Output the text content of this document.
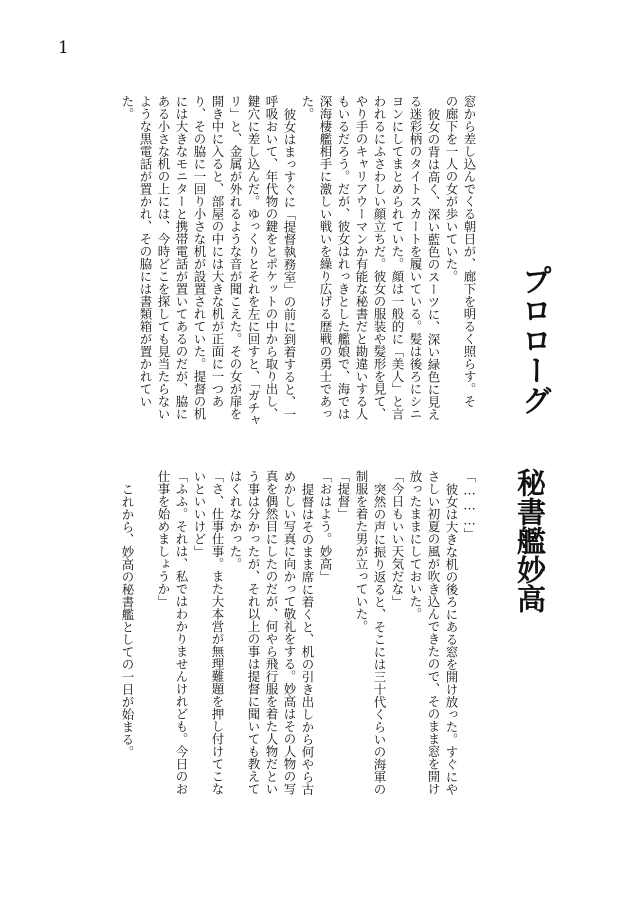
1
プロローグ
秘書艦妙高

窓から差し込んでくる朝日が、廊下を明るく照らす。そ

の廊下を一人の女が歩いていた。

彼女の背は高く、深い藍色のスーツに、深い緑色に見え

る迷彩柄のタイトスカートを履いている。髪は後ろにシニ

ヨンにしてまとめられていた。顔は一般的に「美人」と言

われるにふさわしい顔立ちだ。彼女の服装や髪形を見て、

やり手のキャリアウーマンか有能な秘書だと勘違いする人

もいるだろう。だが、彼女はれっきとした艦娘で、海では

深海棲艦相手に激しい戦いを繰り広げる歴戦の勇士であっ

た。

彼女はまっすぐに「提督執務室」の前に到着すると、一

呼吸おいて、年代物の鍵をとポケットの中から取り出し、

鍵穴に差し込んだ。ゆっくりとそれを左に回すと、「ガチャ

リ」と、金属が外れるような音が聞こえた。その女が扉を

開き中に入ると、部屋の中には大きな机が正面に一つあ

り、その脇に一回り小さな机が設置されていた。提督の机

には大きなモニターと携帯電話が置いてあるのだが、脇に

ある小さな机の上には、今時どこを探しても見当たらない

ような黒電話が置かれ、その脇には書類箱が置かれてい

た。

「………」

彼女は大きな机の後ろにある窓を開け放った。すぐにや

さしい初夏の風が吹き込んできたので、そのまま窓を開け

放ったままにしておいた。

「今日もいい天気だな」

突然の声に振り返ると、そこには三十代くらいの海軍の

制服を着た男が立っていた。

「提督」

「おはよう。妙高」

提督はそのまま席に着くと、机の引き出しから何やら古

めかしい写真に向かって敬礼をする。妙高はその人物の写

真を偶然目にしたのだが、何やら飛行服を着た人物だとい

う事は分かったが、それ以上の事は提督に聞いても教えて

はくれなかった。

「さ、仕事仕事。また大本営が無理難題を押し付けてこな

いといいけど」

「ふふ。それは、私ではわかりませんけれども。今日のお

仕事を始めましょうか」

これから、妙高の秘書艦としての一日が始まる。
